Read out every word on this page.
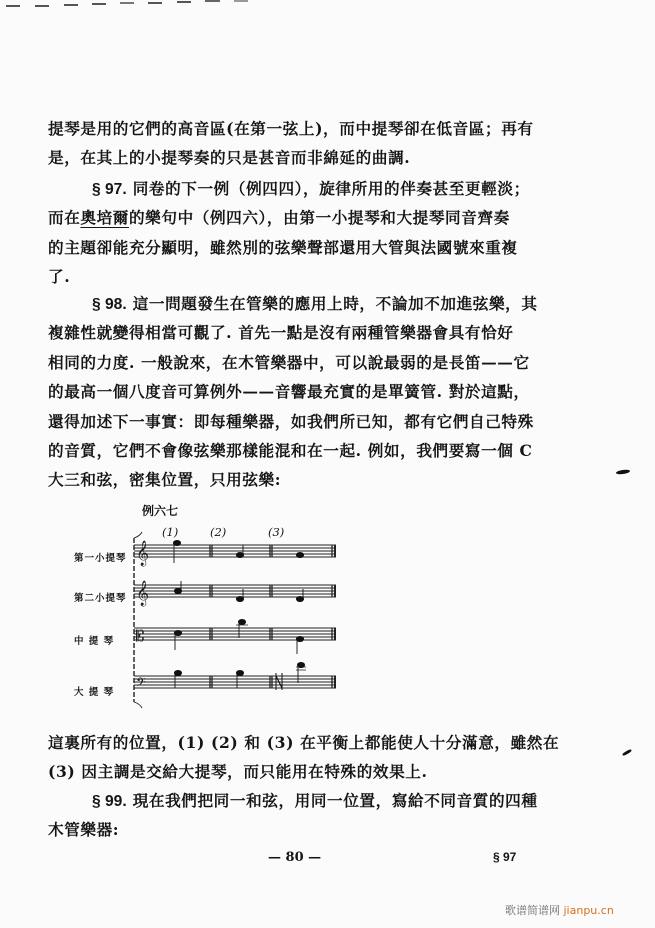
提琴是用的它們的高音區(在第一弦上)，而中提琴卻在低音區；再有
是，在其上的小提琴奏的只是甚音而非綿延的曲調.
§ 97. 同卷的下一例（例四四），旋律所用的伴奏甚至更輕淡；
而在奧培爾的樂句中（例四六），由第一小提琴和大提琴同音齊奏
的主題卻能充分顯明，雖然別的弦樂聲部還用大管與法國號來重複
了.
§ 98. 這一問題發生在管樂的應用上時，不論加不加進弦樂，其
複雜性就變得相當可觀了. 首先一點是沒有兩種管樂器會具有恰好
相同的力度. 一般說來，在木管樂器中，可以說最弱的是長笛——它
的最高一個八度音可算例外——音響最充實的是單簧管. 對於這點，
還得加述下一事實：即每種樂器，如我們所已知，都有它們自己特殊
的音質，它們不會像弦樂那樣能混和在一起. 例如，我們要寫一個 C
大三和弦，密集位置，只用弦樂:
例六七
(1)	(2)	(3)
第一小提琴
第二小提琴
中 提 琴
大 提 琴
𝄞
𝄞
𝄡
𝄢
這裏所有的位置，(1) (2) 和 (3) 在平衡上都能使人十分滿意，雖然在
(3) 因主調是交給大提琴，而只能用在特殊的效果上.
§ 99. 現在我們把同一和弦，用同一位置，寫給不同音質的四種
木管樂器:
— 80 —	§ 97
歌谱简谱网 jianpu.cn
